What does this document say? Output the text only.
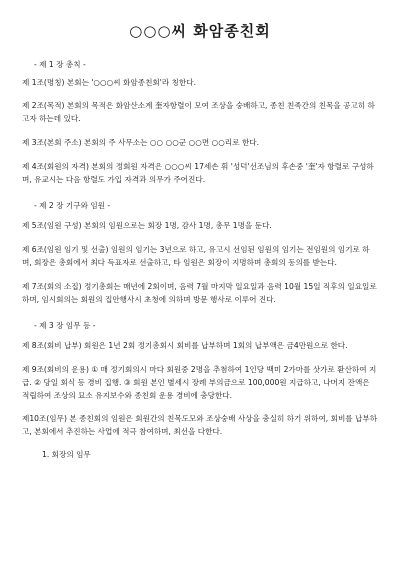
○○○씨 화암종친회
- 제 1 장 총칙 -

제 1조(명칭) 본회는 '○○○씨 화암종친회'라 칭한다.

제 2조(목적) 본회의 목적은 화암산소계 奎자항렬이 모여 조상을 숭배하고, 종친 친족간의 친목을 공고히 하고자 하는데 있다.

제 3조(본회 주소) 본회의 주 사무소는 ○○ ○○군 ○○면 ○○리로 한다.

제 4조(회원의 자격) 본회의 정회원 자격은 ○○○씨 17세손 휘 '성덕'선조님의 후손중 '奎'자 항렬로 구성하며, 유교시는 다음 항렬도 가입 자격과 의무가 주어진다.

- 제 2 장 기구와 임원 -

제 5조(임원 구성) 본회의 임원으로는 회장 1명, 감사 1명, 총무 1명을 둔다.

제 6조(임원 임기 및 선출) 임원의 임기는 3년으로 하고, 유고시 선임된 임원의 임기는 전임원의 임기로 하며, 회장은 총회에서 최다 득표자로 선출하고, 타 임원은 회장이 지명하며 총회의 동의를 받는다.

제 7조(회의 소집) 정기총회는 매년에 2회이며, 음력 7월 마지막 일요일과 음력 10월 15일 직후의 일요일로 하며, 임시회의는 회원의 집안행사시 초청에 의하며 방문 행사로 이루어 진다.

- 제 3 장 임무 등 -

제 8조(회비 납부) 회원은 1년 2회 정기총회시 회비를 납부하며 1회의 납부액은 금4만원으로 한다.

제 9조(회비의 운용) ① 매 정기회의시 마다 회원중 2명을 추첨하여 1인당 백미 2가마를 삿가로 환산하여 지급. ② 당일 회식 등 경비 집행. ③ 회원 본인 별세시 장례 부의금으로 100,000원 지급하고, 나머지 잔액은 적립하여 조상의 묘소 유지보수와 종친회 운용 경비에 충당한다.

제10조(임무) 본 종친회의 임원은 회원간의 친목도모와 조상숭배 사상을 충실히 하기 위하여, 회비를 납부하고, 본회에서 추진하는 사업에 적극 참여하며, 최선을 다한다.

1. 회장의 임무
